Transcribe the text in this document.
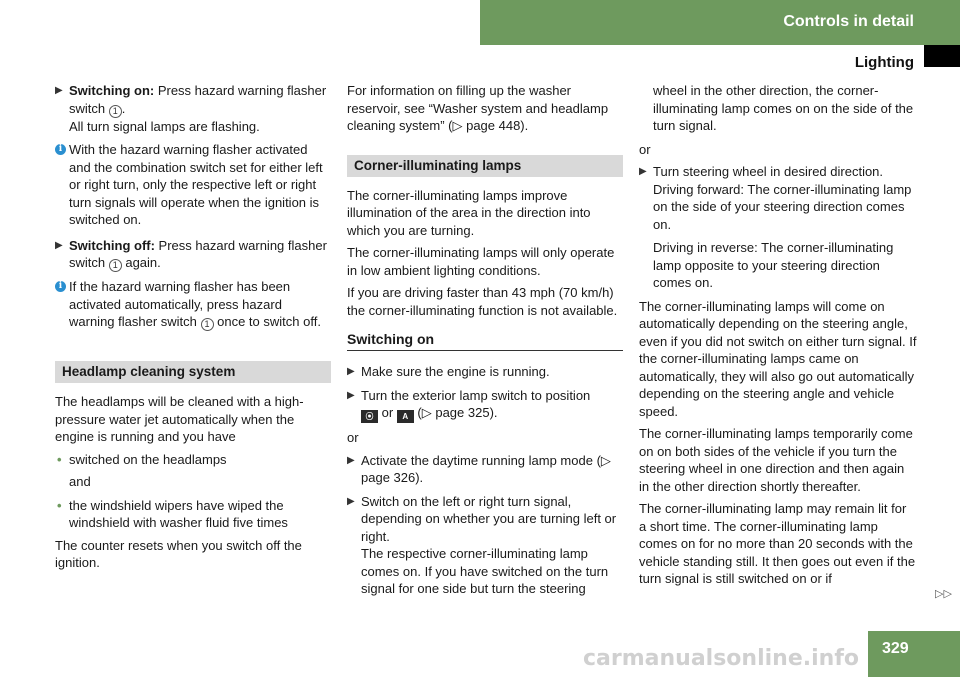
Controls in detail
Lighting
▶ Switching on: Press hazard warning flasher switch 1 .
All turn signal lamps are flashing.
i With the hazard warning flasher activated and the combination switch set for either left or right turn, only the respective left or right turn signals will operate when the ignition is switched on.
▶ Switching off: Press hazard warning flasher switch 1 again.
i If the hazard warning flasher has been activated automatically, press hazard warning flasher switch 1 once to switch off.
Headlamp cleaning system

The headlamps will be cleaned with a high-pressure water jet automatically when the engine is running and you have

• switched on the headlamps

and

• the windshield wipers have wiped the windshield with washer fluid five times

The counter resets when you switch off the ignition.

For information on filling up the washer reservoir, see “Washer system and headlamp cleaning system” (▷ page 448).

Corner-illuminating lamps

The corner-illuminating lamps improve illumination of the area in the direction into which you are turning.

The corner-illuminating lamps will only operate in low ambient lighting conditions.

If you are driving faster than 43 mph (70 km/h) the corner-illuminating function is not available.

Switching on
▶ Make sure the engine is running.
▶ Turn the exterior lamp switch to position
⦿ or A (▷ page 325).

or

▶ Activate the daytime running lamp mode (▷ page 326).
▶ Switch on the left or right turn signal, depending on whether you are turning left or right.
The respective corner-illuminating lamp comes on. If you have switched on the turn signal for one side but turn the steering

wheel in the other direction, the corner-illuminating lamp comes on on the side of the turn signal.

or

▶ Turn steering wheel in desired direction. Driving forward: The corner-illuminating lamp on the side of your steering direction comes on.

Driving in reverse: The corner-illuminating lamp opposite to your steering direction comes on.

The corner-illuminating lamps will come on automatically depending on the steering angle, even if you did not switch on either turn signal. If the corner-illuminating lamps came on automatically, they will also go out automatically depending on the steering angle and vehicle speed.

The corner-illuminating lamps temporarily come on on both sides of the vehicle if you turn the steering wheel in one direction and then again in the other direction shortly thereafter.

The corner-illuminating lamp may remain lit for a short time. The corner-illuminating lamp comes on for no more than 20 seconds with the vehicle standing still. It then goes out even if the turn signal is still switched on or if

▷▷
329
carmanualsonline.info
